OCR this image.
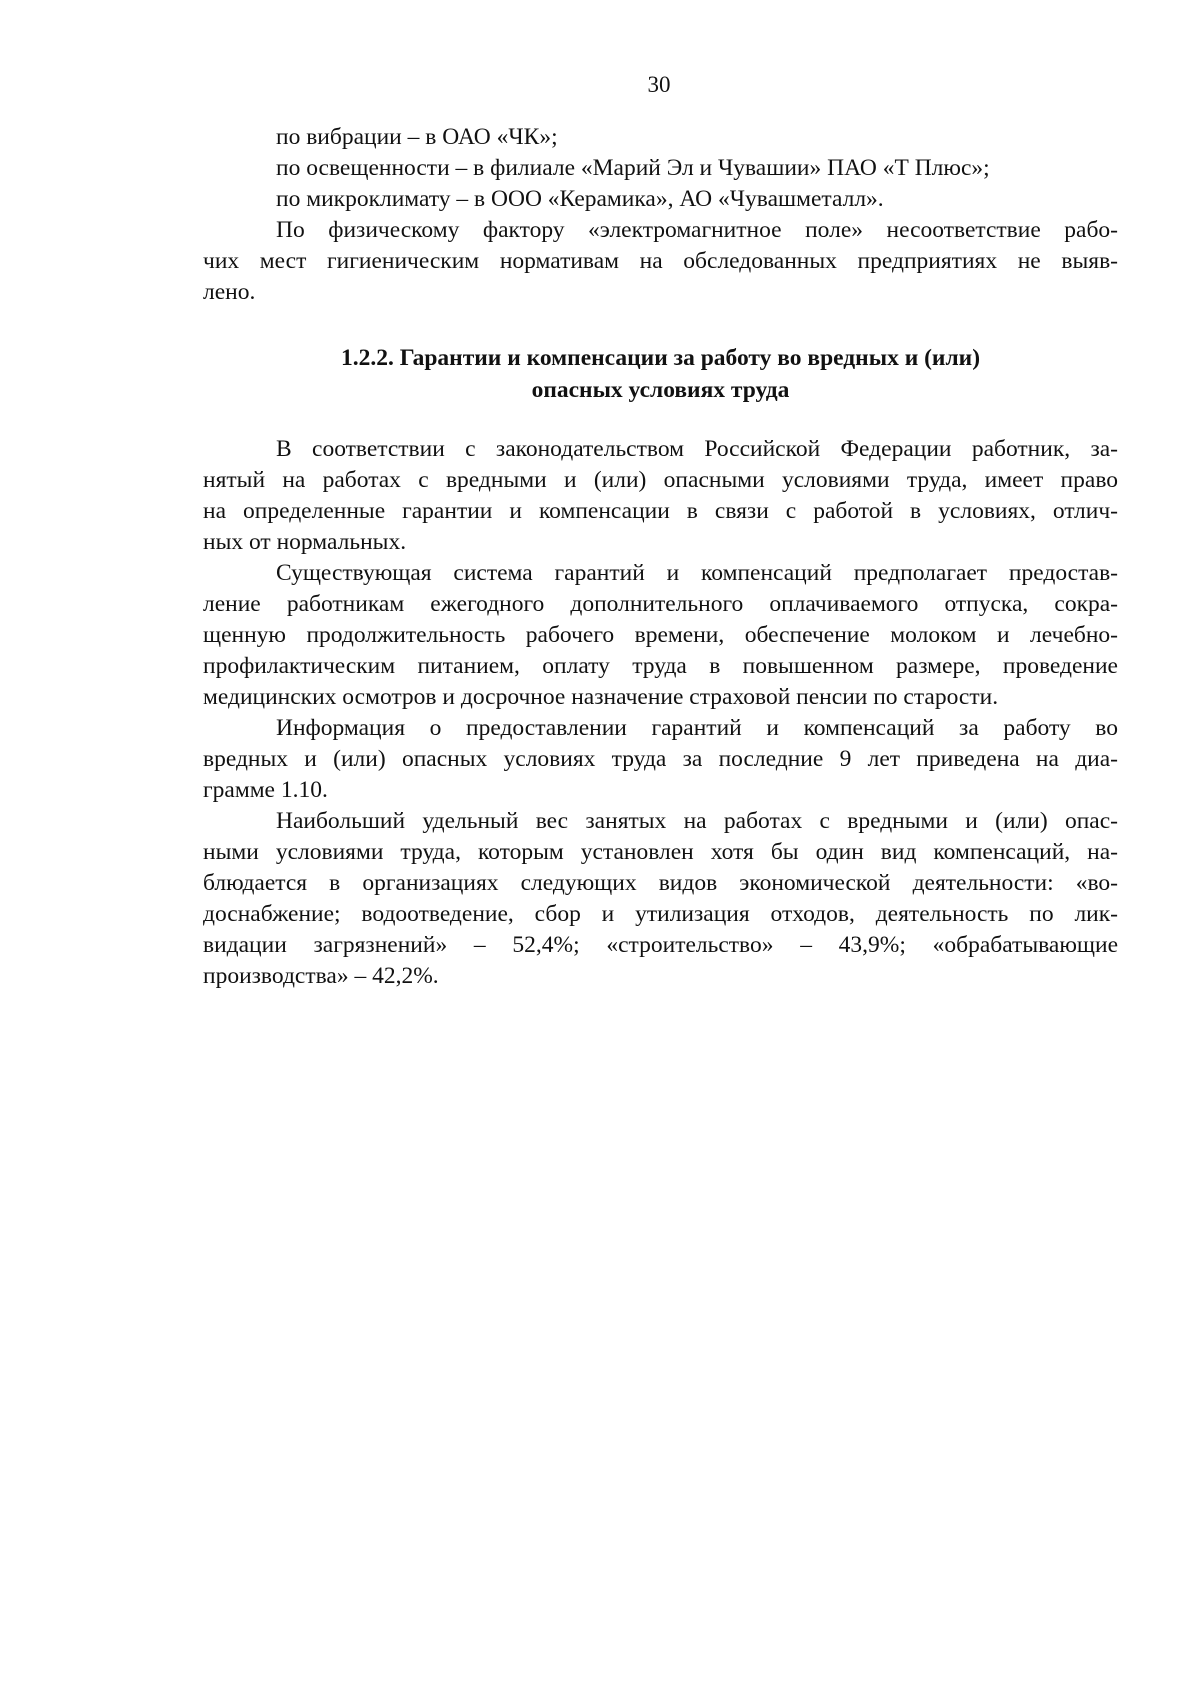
30
по вибрации – в ОАО «ЧК»;
по освещенности – в филиале «Марий Эл и Чувашии» ПАО «Т Плюс»;
по микроклимату – в ООО «Керамика», АО «Чувашметалл».
По физическому фактору «электромагнитное поле» несоответствие рабо-
чих мест гигиеническим нормативам на обследованных предприятиях не выяв-
лено.
1.2.2. Гарантии и компенсации за работу во вредных и (или)
опасных условиях труда
В соответствии с законодательством Российской Федерации работник, за-
нятый на работах с вредными и (или) опасными условиями труда, имеет право
на определенные гарантии и компенсации в связи с работой в условиях, отлич-
ных от нормальных.
Существующая система гарантий и компенсаций предполагает предостав-
ление работникам ежегодного дополнительного оплачиваемого отпуска, сокра-
щенную продолжительность рабочего времени, обеспечение молоком и лечебно-
профилактическим питанием, оплату труда в повышенном размере, проведение
медицинских осмотров и досрочное назначение страховой пенсии по старости.
Информация о предоставлении гарантий и компенсаций за работу во
вредных и (или) опасных условиях труда за последние 9 лет приведена на диа-
грамме 1.10.
Наибольший удельный вес занятых на работах с вредными и (или) опас-
ными условиями труда, которым установлен хотя бы один вид компенсаций, на-
блюдается в организациях следующих видов экономической деятельности: «во-
доснабжение; водоотведение, сбор и утилизация отходов, деятельность по лик-
видации загрязнений» – 52,4%; «строительство» – 43,9%; «обрабатывающие
производства» – 42,2%.
